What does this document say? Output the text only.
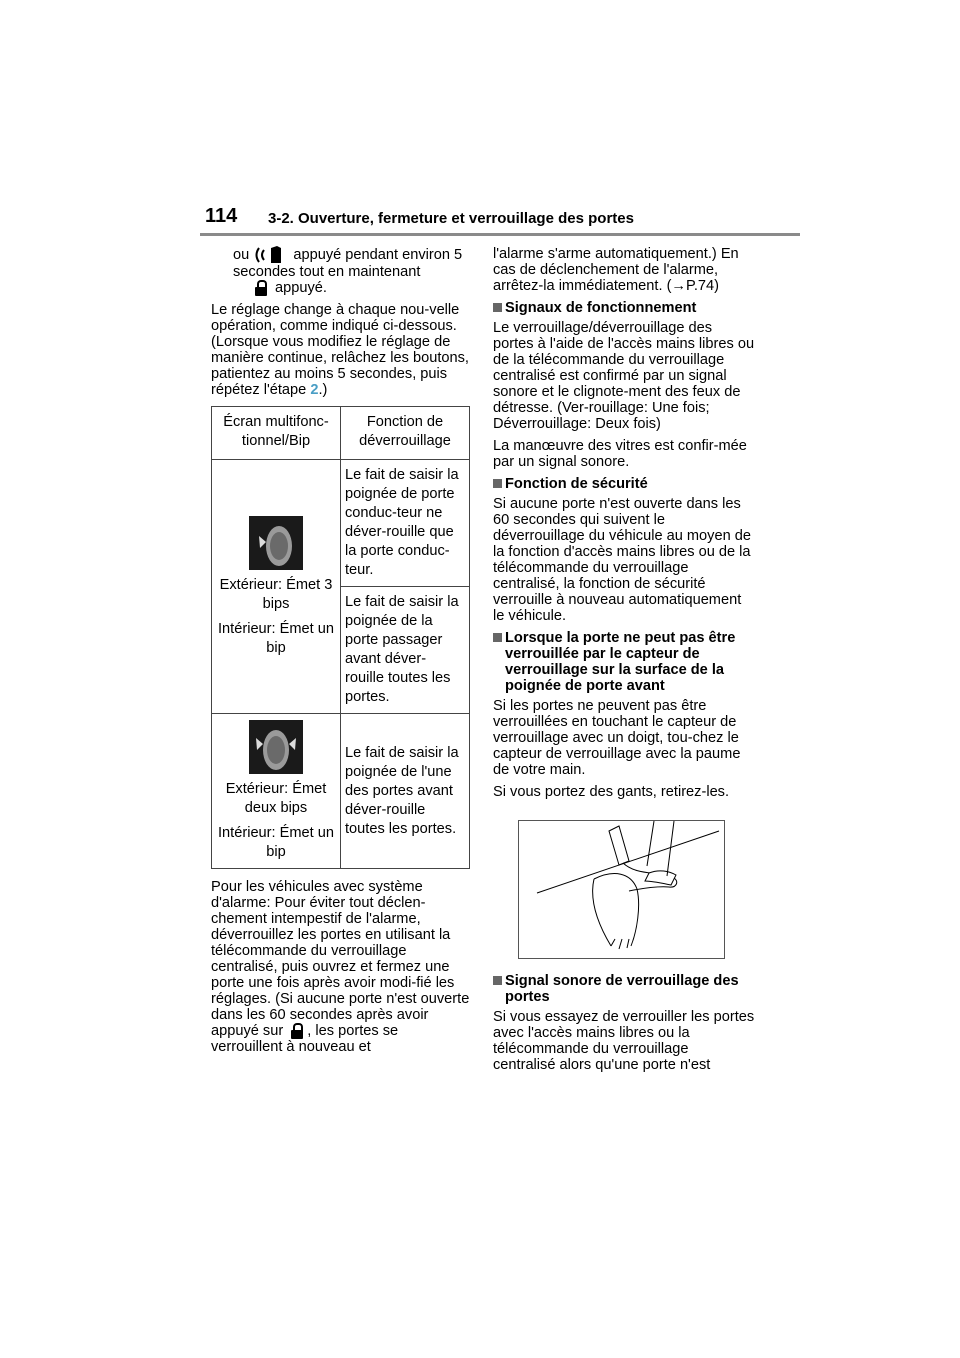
114 3-2. Ouverture, fermeture et verrouillage des portes

ou	appuyé pendant environ 5 secondes tout en maintenant

appuyé.

Le réglage change à chaque nou-velle opération, comme indiqué ci-dessous. (Lorsque vous modifiez le réglage de manière continue, relâchez les boutons, patientez au moins 5 secondes, puis répétez l'étape 2.)

Écran multifonc-tionnel/Bip	Fonction de déverrouillage

Extérieur: Émet 3 bips
Intérieur: Émet un bip	Le fait de saisir la poignée de porte conduc-teur ne déver-rouille que la porte conduc-teur.
	Le fait de saisir la poignée de la porte passager avant déver-rouille toutes les portes.

Extérieur: Émet deux bips
Intérieur: Émet un bip	Le fait de saisir la poignée de l'une des portes avant déver-rouille toutes les portes.

Pour les véhicules avec système d'alarme: Pour éviter tout déclen-chement intempestif de l'alarme, déverrouillez les portes en utilisant la télécommande du verrouillage centralisé, puis ouvrez et fermez une porte une fois après avoir modi-fié les réglages. (Si aucune porte n'est ouverte dans les 60 secondes après avoir appuyé sur , les portes se verrouillent à nouveau et

l'alarme s'arme automatiquement.) En cas de déclenchement de l'alarme, arrêtez-la immédiatement. (→P.74)

Signaux de fonctionnement

Le verrouillage/déverrouillage des portes à l'aide de l'accès mains libres ou de la télécommande du verrouillage centralisé est confirmé par un signal sonore et le clignote-ment des feux de détresse. (Ver-rouillage: Une fois; Déverrouillage: Deux fois)

La manœuvre des vitres est confir-mée par un signal sonore.

Fonction de sécurité

Si aucune porte n'est ouverte dans les 60 secondes qui suivent le déverrouillage du véhicule au moyen de la fonction d'accès mains libres ou de la télécommande du verrouillage centralisé, la fonction de sécurité verrouille à nouveau automatiquement le véhicule.

Lorsque la porte ne peut pas être verrouillée par le capteur de verrouillage sur la surface de la poignée de porte avant

Si les portes ne peuvent pas être verrouillées en touchant le capteur de verrouillage avec un doigt, tou-chez le capteur de verrouillage avec la paume de votre main.

Si vous portez des gants, retirez-les.

Signal sonore de verrouillage des portes

Si vous essayez de verrouiller les portes avec l'accès mains libres ou la télécommande du verrouillage centralisé alors qu'une porte n'est
